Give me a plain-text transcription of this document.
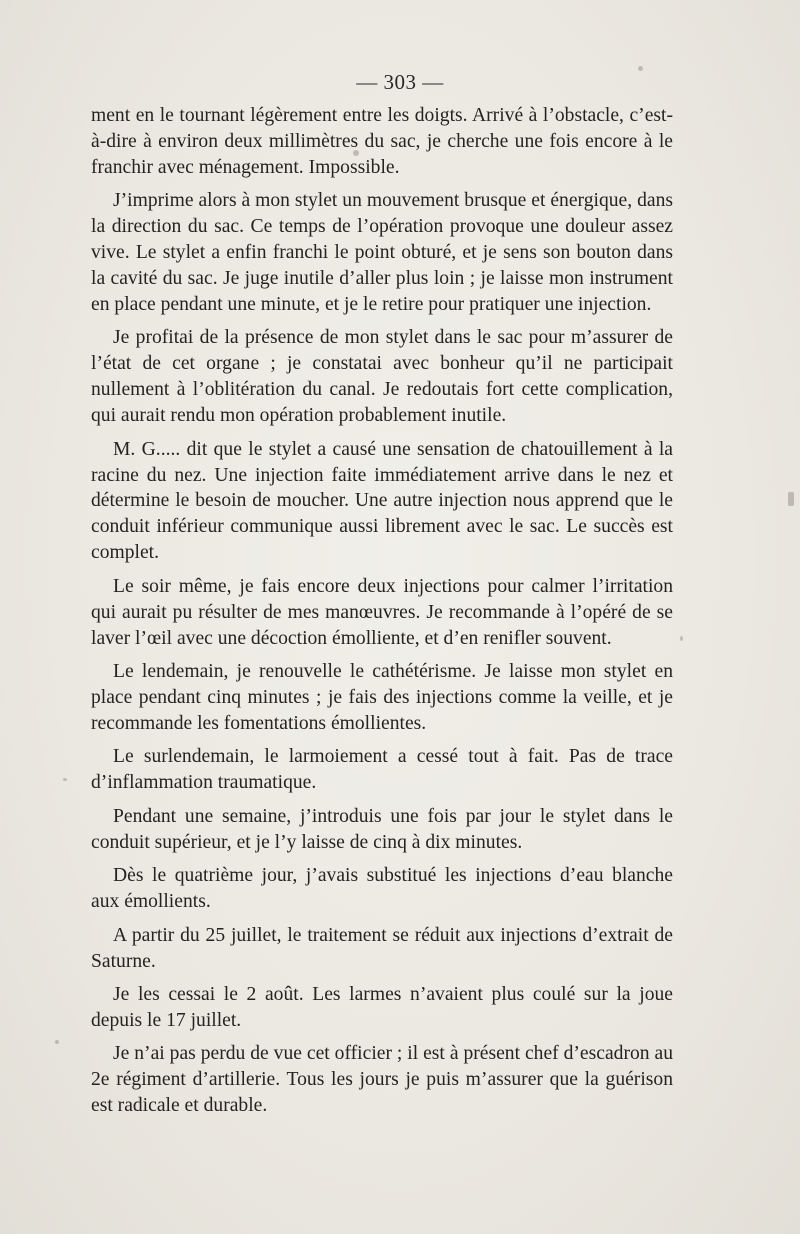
— 303 —

ment en le tournant légèrement entre les doigts. Arrivé à l’obstacle, c’est-à-dire à environ deux millimètres du sac, je cherche une fois encore à le franchir avec ménagement. Impossible.

J’imprime alors à mon stylet un mouvement brusque et énergique, dans la direction du sac. Ce temps de l’opération provoque une douleur assez vive. Le stylet a enfin franchi le point obturé, et je sens son bouton dans la cavité du sac. Je juge inutile d’aller plus loin ; je laisse mon instrument en place pendant une minute, et je le retire pour pratiquer une injection.

Je profitai de la présence de mon stylet dans le sac pour m’assurer de l’état de cet organe ; je constatai avec bonheur qu’il ne participait nullement à l’oblitération du canal. Je redoutais fort cette complication, qui aurait rendu mon opération probablement inutile.

M. G..... dit que le stylet a causé une sensation de chatouillement à la racine du nez. Une injection faite immédiatement arrive dans le nez et détermine le besoin de moucher. Une autre injection nous apprend que le conduit inférieur communique aussi librement avec le sac. Le succès est complet.

Le soir même, je fais encore deux injections pour calmer l’irritation qui aurait pu résulter de mes manœuvres. Je recommande à l’opéré de se laver l’œil avec une décoction émolliente, et d’en renifler souvent.

Le lendemain, je renouvelle le cathétérisme. Je laisse mon stylet en place pendant cinq minutes ; je fais des injections comme la veille, et je recommande les fomentations émollientes.

Le surlendemain, le larmoiement a cessé tout à fait. Pas de trace d’inflammation traumatique.

Pendant une semaine, j’introduis une fois par jour le stylet dans le conduit supérieur, et je l’y laisse de cinq à dix minutes.

Dès le quatrième jour, j’avais substitué les injections d’eau blanche aux émollients.

A partir du 25 juillet, le traitement se réduit aux injections d’extrait de Saturne.

Je les cessai le 2 août. Les larmes n’avaient plus coulé sur la joue depuis le 17 juillet.

Je n’ai pas perdu de vue cet officier ; il est à présent chef d’escadron au 2e régiment d’artillerie. Tous les jours je puis m’assurer que la guérison est radicale et durable.
